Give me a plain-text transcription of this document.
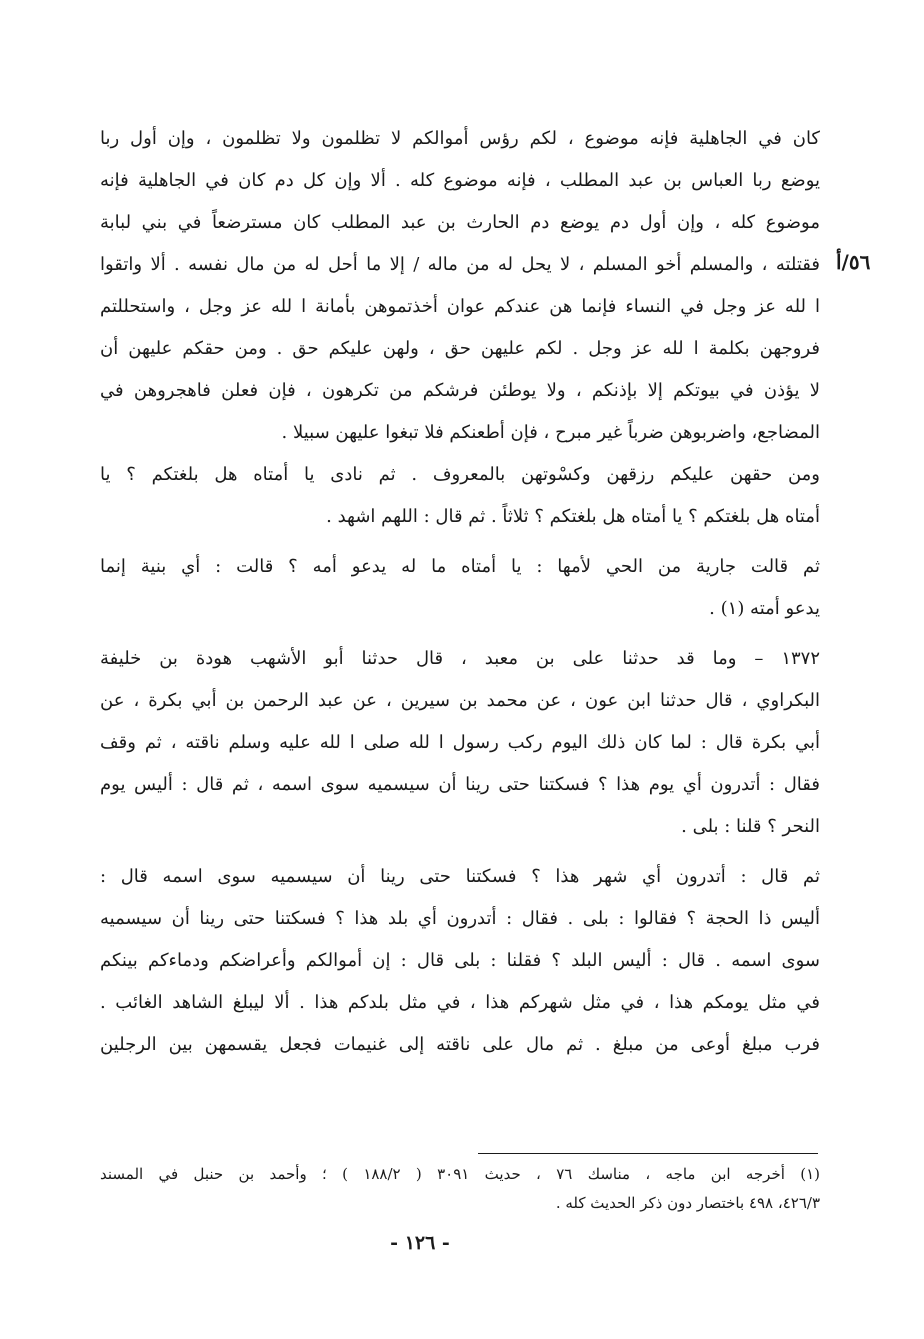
٥٦/أ
كان في الجاهلية فإنه موضوع ، لكم رؤس أموالكم لا تظلمون ولا تظلمون ، وإن أول ربا
يوضع ربا العباس بن عبد المطلب ، فإنه موضوع كله . ألا وإن كل دم كان في الجاهلية فإنه
موضوع كله ، وإن أول دم يوضع دم الحارث بن عبد المطلب كان مسترضعاً في بني لبابة
فقتلته ، والمسلم أخو المسلم ، لا يحل له من ماله / إلا ما أحل له من مال نفسه . ألا واتقوا
ا لله عز وجل في النساء فإنما هن عندكم عوان أخذتموهن بأمانة ا لله عز وجل ، واستحللتم
فروجهن بكلمة ا لله عز وجل . لكم عليهن حق ، ولهن عليكم حق . ومن حقكم عليهن أن
لا يؤذن في بيوتكم إلا بإذنكم ، ولا يوطئن فرشكم من تكرهون ، فإن فعلن فاهجروهن في
المضاجع، واضربوهن ضرباً غير مبرح ، فإن أطعنكم فلا تبغوا عليهن سبيلا .
ومن حقهن عليكم رزقهن وكسْوتهن بالمعروف . ثم نادى يا أمتاه هل بلغتكم ؟ يا
أمتاه هل بلغتكم ؟ يا أمتاه هل بلغتكم ؟ ثلاثاً . ثم قال : اللهم اشهد .
ثم قالت جارية من الحي لأمها : يا أمتاه ما له يدعو أمه ؟ قالت : أي بنية إنما
يدعو أمته (١) .
١٣٧٢ – وما قد حدثنا على بن معبد ، قال حدثنا أبو الأشهب هودة بن خليفة
البكراوي ، قال حدثنا ابن عون ، عن محمد بن سيرين ، عن عبد الرحمن بن أبي بكرة ، عن
أبي بكرة قال : لما كان ذلك اليوم ركب رسول ا لله صلى ا لله عليه وسلم ناقته ، ثم وقف
فقال : أتدرون أي يوم هذا ؟ فسكتنا حتى رينا أن سيسميه سوى اسمه ، ثم قال : أليس يوم
النحر ؟ قلنا : بلى .
ثم قال : أتدرون أي شهر هذا ؟ فسكتنا حتى رينا أن سيسميه سوى اسمه قال :
أليس ذا الحجة ؟ فقالوا : بلى . فقال : أتدرون أي بلد هذا ؟ فسكتنا حتى رينا أن سيسميه
سوى اسمه . قال : أليس البلد ؟ فقلنا : بلى قال : إن أموالكم وأعراضكم ودماءكم بينكم
في مثل يومكم هذا ، في مثل شهركم هذا ، في مثل بلدكم هذا . ألا ليبلغ الشاهد الغائب .
فرب مبلغ أوعى من مبلغ . ثم مال على ناقته إلى غنيمات فجعل يقسمهن بين الرجلين
(١) أخرجه ابن ماجه ، مناسك ٧٦ ، حديث ٣٠٩١ ( ١٨٨/٢ ) ؛ وأحمد بن حنبل في المسند
٤٢٦/٣، ٤٩٨ باختصار دون ذكر الحديث كله .
- ١٢٦ -
